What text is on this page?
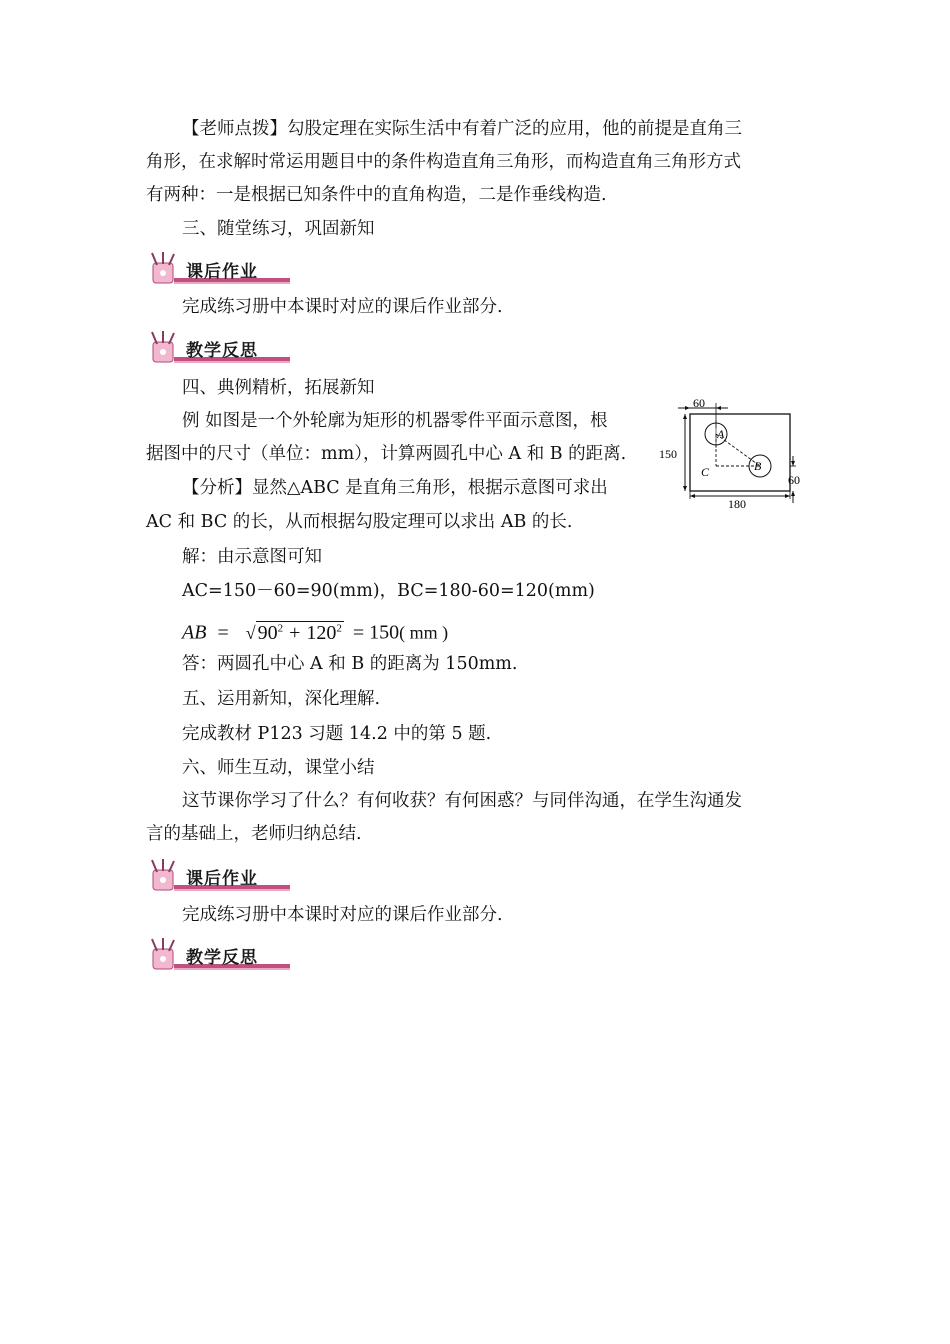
【老师点拨】勾股定理在实际生活中有着广泛的应用，他的前提是直角三
角形，在求解时常运用题目中的条件构造直角三角形，而构造直角三角形方式
有两种：一是根据已知条件中的直角构造，二是作垂线构造.
三、随堂练习，巩固新知
课后作业
完成练习册中本课时对应的课后作业部分.
教学反思
四、典例精析，拓展新知
例 如图是一个外轮廓为矩形的机器零件平面示意图，根
据图中的尺寸（单位：mm），计算两圆孔中心 A 和 B 的距离.
【分析】显然△ABC 是直角三角形，根据示意图可求出
AC 和 BC 的长，从而根据勾股定理可以求出 AB 的长.
解：由示意图可知
AC=150－60=90(mm)，BC=180-60=120(mm)
AB = √ $90^2 + 120^2 = 150$( mm )
答：两圆孔中心 A 和 B 的距离为 150mm.
五、运用新知，深化理解.
完成教材 P123 习题 14.2 中的第 5 题.
六、师生互动，课堂小结
这节课你学习了什么？有何收获？有何困惑？与同伴沟通，在学生沟通发
言的基础上，老师归纳总结.
课后作业
完成练习册中本课时对应的课后作业部分.
教学反思
60
150
60
180
A
B
C
